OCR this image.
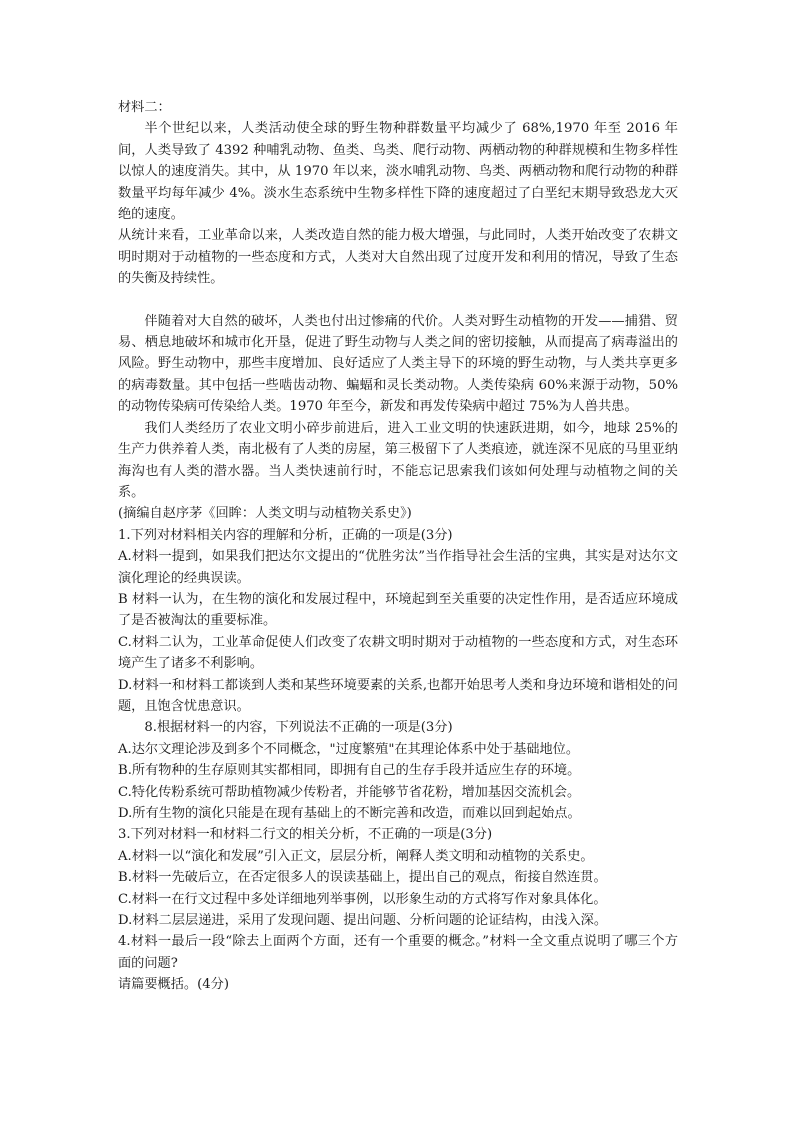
材料二：

半个世纪以来，人类活动使全球的野生物种群数量平均减少了 68%,1970 年至 2016 年间，人类导致了 4392 种哺乳动物、鱼类、鸟类、爬行动物、两栖动物的种群规模和生物多样性以惊人的速度消失。其中，从 1970 年以来，淡水哺乳动物、鸟类、两栖动物和爬行动物的种群数量平均每年减少 4%。淡水生态系统中生物多样性下降的速度超过了白垩纪末期导致恐龙大灭绝的速度。

从统计来看，工业革命以来，人类改造自然的能力极大增强，与此同时，人类开始改变了农耕文明时期对于动植物的一些态度和方式，人类对大自然出现了过度开发和利用的情况，导致了生态的失衡及持续性。

伴随着对大自然的破坏，人类也付出过惨痛的代价。人类对野生动植物的开发——捕猎、贸易、栖息地破坏和城市化开垦，促进了野生动物与人类之间的密切接触，从而提高了病毒溢出的风险。野生动物中，那些丰度增加、良好适应了人类主导下的环境的野生动物，与人类共享更多的病毒数量。其中包括一些啮齿动物、蝙蝠和灵长类动物。人类传染病 60%来源于动物，50%的动物传染病可传染给人类。1970 年至今，新发和再发传染病中超过 75%为人兽共患。

我们人类经历了农业文明小碎步前进后，进入工业文明的快速跃进期，如今，地球 25%的生产力供养着人类，南北极有了人类的房屋，第三极留下了人类痕迹，就连深不见底的马里亚纳海沟也有人类的潜水器。当人类快速前行时，不能忘记思索我们该如何处理与动植物之间的关系。

(摘编自赵序茅《回眸：人类文明与动植物关系史》)

1.下列对材料相关内容的理解和分析，正确的一项是(3分)

A.材料一提到，如果我们把达尔文提出的“优胜劣汰”当作指导社会生活的宝典，其实是对达尔文演化理论的经典误读。

B 材料一认为，在生物的演化和发展过程中，环境起到至关重要的决定性作用，是否适应环境成了是否被淘汰的重要标准。

C.材料二认为，工业革命促使人们改变了农耕文明时期对于动植物的一些态度和方式，对生态环境产生了诸多不利影响。

D.材料一和材料工都谈到人类和某些环境要素的关系,也都开始思考人类和身边环境和谐相处的问题，且饱含忧患意识。

8.根据材料一的内容，下列说法不正确的一项是(3分)

A.达尔文理论涉及到多个不同概念，"过度繁殖"在其理论体系中处于基础地位。

B.所有物种的生存原则其实都相同，即拥有自己的生存手段并适应生存的环境。

C.特化传粉系统可帮助植物减少传粉者，并能够节省花粉，增加基因交流机会。

D.所有生物的演化只能是在现有基础上的不断完善和改造，而难以回到起始点。

3.下列对材料一和材料二行文的相关分析，不正确的一项是(3分)

A.材料一以“演化和发展”引入正文，层层分析，阐释人类文明和动植物的关系史。

B.材料一先破后立，在否定很多人的误读基础上，提出自己的观点，衔接自然连贯。

C.材料一在行文过程中多处详细地列举事例，以形象生动的方式将写作对象具体化。

D.材料二层层递进，采用了发现问题、提出问题、分析问题的论证结构，由浅入深。

4.材料一最后一段“除去上面两个方面，还有一个重要的概念。”材料一全文重点说明了哪三个方面的问题?

请篇要概括。(4分)
